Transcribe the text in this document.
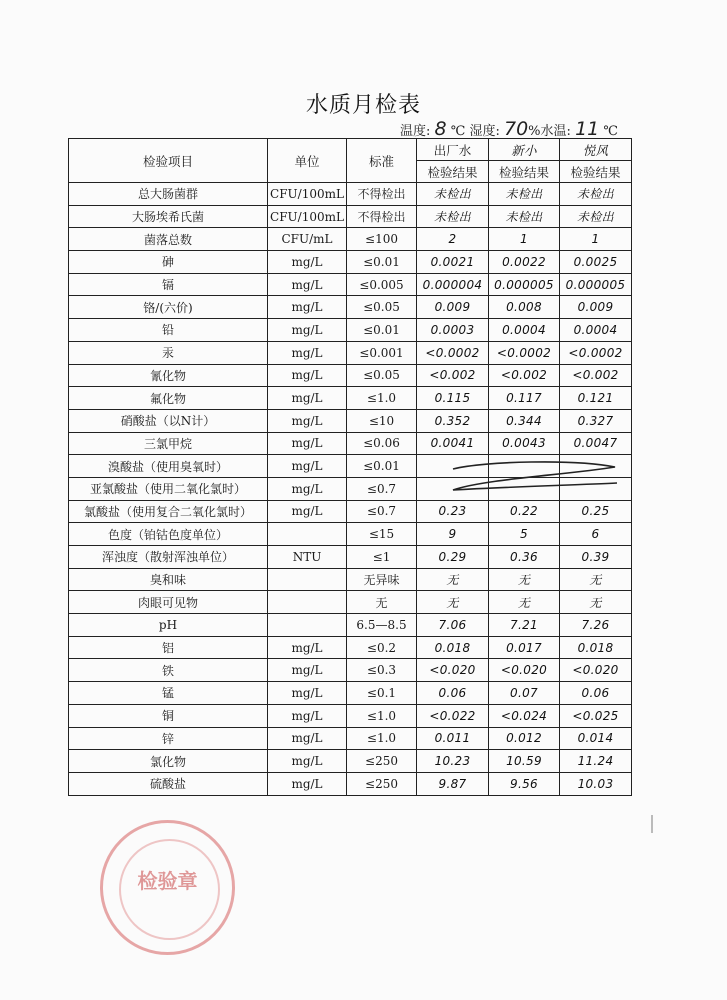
水质月检表
温度: 8 ℃ 湿度: 70%水温: 11 ℃
检验项目	单位	标准	出厂水	新小	悦风
			检验结果	检验结果	检验结果
总大肠菌群	CFU/100mL	不得检出	未检出	未检出	未检出
大肠埃希氏菌	CFU/100mL	不得检出	未检出	未检出	未检出
菌落总数	CFU/mL	≤100	2	1	1
砷	mg/L	≤0.01	0.0021	0.0022	0.0025
镉	mg/L	≤0.005	0.000004	0.000005	0.000005
铬/(六价)	mg/L	≤0.05	0.009	0.008	0.009
铅	mg/L	≤0.01	0.0003	0.0004	0.0004
汞	mg/L	≤0.001	<0.0002	<0.0002	<0.0002
氰化物	mg/L	≤0.05	<0.002	<0.002	<0.002
氟化物	mg/L	≤1.0	0.115	0.117	0.121
硝酸盐（以N计）	mg/L	≤10	0.352	0.344	0.327
三氯甲烷	mg/L	≤0.06	0.0041	0.0043	0.0047
溴酸盐（使用臭氧时）	mg/L	≤0.01			
亚氯酸盐（使用二氧化氯时）	mg/L	≤0.7			
氯酸盐（使用复合二氧化氯时）	mg/L	≤0.7	0.23	0.22	0.25
色度（铂钴色度单位）		≤15	9	5	6
浑浊度（散射浑浊单位）	NTU	≤1	0.29	0.36	0.39
臭和味		无异味	无	无	无
肉眼可见物		无	无	无	无
pH		6.5—8.5	7.06	7.21	7.26
铝	mg/L	≤0.2	0.018	0.017	0.018
铁	mg/L	≤0.3	<0.020	<0.020	<0.020
锰	mg/L	≤0.1	0.06	0.07	0.06
铜	mg/L	≤1.0	<0.022	<0.024	<0.025
锌	mg/L	≤1.0	0.011	0.012	0.014
氯化物	mg/L	≤250	10.23	10.59	11.24
硫酸盐	mg/L	≤250	9.87	9.56	10.03
检验章
